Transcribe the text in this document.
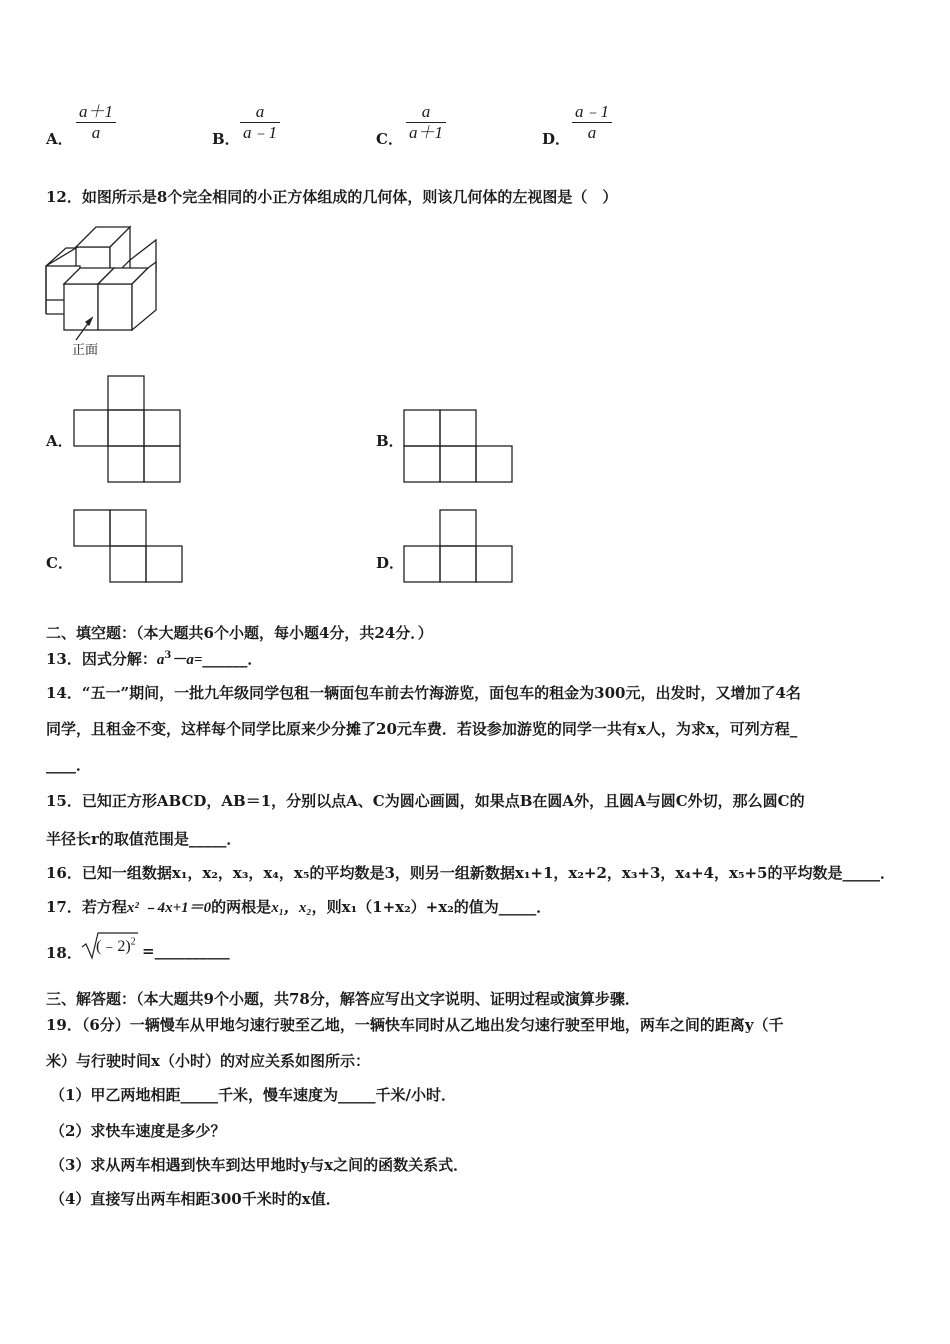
A．
a＋1
a	B．
a
a﹣1	C．
a
a＋1	D．
a﹣1
a
12．如图所示是8个完全相同的小正方体组成的几何体，则该几何体的左视图是（　）
正面
A．	B．
C．	D．
二、填空题：（本大题共6个小题，每小题4分，共24分．）
13．因式分解：$a^3-a=\_\_\_\_\_\_$．
14．“五一”期间，一批九年级同学包租一辆面包车前去竹海游览，面包车的租金为300元，出发时，又增加了4名
同学，且租金不变，这样每个同学比原来少分摊了20元车费．若设参加游览的同学一共有x人，为求x，可列方程_
____．
15．已知正方形ABCD，AB＝1，分别以点A、C为圆心画圆，如果点B在圆A外，且圆A与圆C外切，那么圆C的
半径长r的取值范围是_____．
16．已知一组数据x₁，x₂，x₃，x₄，x₅的平均数是3，则另一组新数据x₁+1，x₂+2，x₃+3，x₄+4，x₅+5的平均数是_____．
17．若方程x² ﹣4x+1＝0的两根是x₁，x₂，则x₁（1+x₂）+x₂的值为_____．
18． (﹣2)$^2$ =__________
三、解答题：（本大题共9个小题，共78分，解答应写出文字说明、证明过程或演算步骤．
19．（6分）一辆慢车从甲地匀速行驶至乙地，一辆快车同时从乙地出发匀速行驶至甲地，两车之间的距离y（千
米）与行驶时间x（小时）的对应关系如图所示：
（1）甲乙两地相距_____千米，慢车速度为_____千米/小时．
（2）求快车速度是多少？
（3）求从两车相遇到快车到达甲地时y与x之间的函数关系式．
（4）直接写出两车相距300千米时的x值．
